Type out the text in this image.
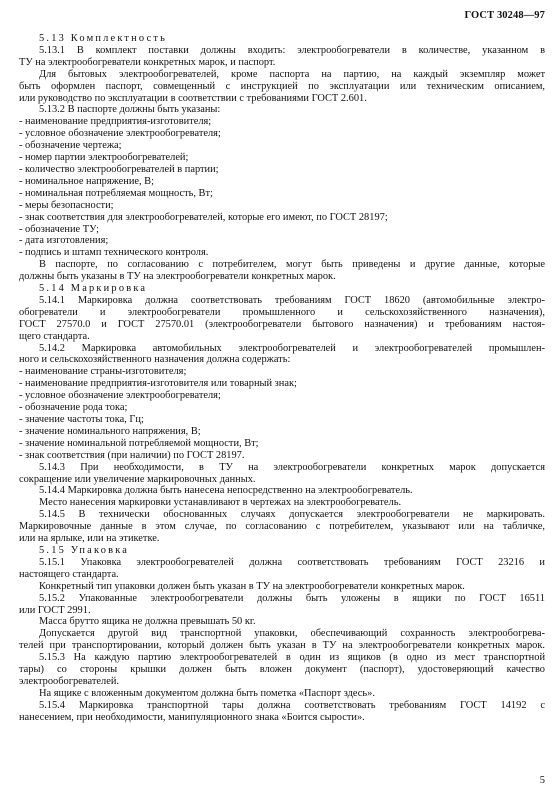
ГОСТ 30248—97
5.13 Комплектность
5.13.1 В комплект поставки должны входить: электрообогреватели в количестве, указанном в
ТУ на электрообогреватели конкретных марок, и паспорт.
Для бытовых электрообогревателей, кроме паспорта на партию, на каждый экземпляр может
быть оформлен паспорт, совмещенный с инструкцией по эксплуатации или техническим описанием,
или руководство по эксплуатации в соответствии с требованиями ГОСТ 2.601.
5.13.2 В паспорте должны быть указаны:
- наименование предприятия-изготовителя;
- условное обозначение электрообогревателя;
- обозначение чертежа;
- номер партии электрообогревателей;
- количество электрообогревателей в партии;
- номинальное напряжение, В;
- номинальная потребляемая мощность, Вт;
- меры безопасности;
- знак соответствия для электрообогревателей, которые его имеют, по ГОСТ 28197;
- обозначение ТУ;
- дата изготовления;
- подпись и штамп технического контроля.
В паспорте, по согласованию с потребителем, могут быть приведены и другие данные, которые
должны быть указаны в ТУ на электрообогреватели конкретных марок.
5.14 Маркировка
5.14.1 Маркировка должна соответствовать требованиям ГОСТ 18620 (автомобильные электро-
обогреватели и электрообогреватели промышленного и сельскохозяйственного назначения),
ГОСТ 27570.0 и ГОСТ 27570.01 (электрообогреватели бытового назначения) и требованиям настоя-
щего стандарта.
5.14.2 Маркировка автомобильных электрообогревателей и электрообогревателей промышлен-
ного и сельскохозяйственного назначения должна содержать:
- наименование страны-изготовителя;
- наименование предприятия-изготовителя или товарный знак;
- условное обозначение электрообогревателя;
- обозначение рода тока;
- значение частоты тока, Гц;
- значение номинального напряжения, В;
- значение номинальной потребляемой мощности, Вт;
- знак соответствия (при наличии) по ГОСТ 28197.
5.14.3 При необходимости, в ТУ на электрообогреватели конкретных марок допускается
сокращение или увеличение маркировочных данных.
5.14.4 Маркировка должна быть нанесена непосредственно на электрообогреватель.
Место нанесения маркировки устанавливают в чертежах на электрообогреватель.
5.14.5 В технически обоснованных случаях допускается электрообогреватели не маркировать.
Маркировочные данные в этом случае, по согласованию с потребителем, указывают или на табличке,
или на ярлыке, или на этикетке.
5.15 Упаковка
5.15.1 Упаковка электрообогревателей должна соответствовать требованиям ГОСТ 23216 и
настоящего стандарта.
Конкретный тип упаковки должен быть указан в ТУ на электрообогреватели конкретных марок.
5.15.2 Упакованные электрообогреватели должны быть уложены в ящики по ГОСТ 16511
или ГОСТ 2991.
Масса брутто ящика не должна превышать 50 кг.
Допускается другой вид транспортной упаковки, обеспечивающий сохранность электрообогрева-
телей при транспортировании, который должен быть указан в ТУ на электрообогреватели конкретных марок.
5.15.3 На каждую партию электрообогревателей в один из ящиков (в одно из мест транспортной
тары) со стороны крышки должен быть вложен документ (паспорт), удостоверяющий качество
электрообогревателей.
На ящике с вложенным документом должна быть пометка «Паспорт здесь».
5.15.4 Маркировка транспортной тары должна соответствовать требованиям ГОСТ 14192 с
нанесением, при необходимости, манипуляционного знака «Боится сырости».
5
